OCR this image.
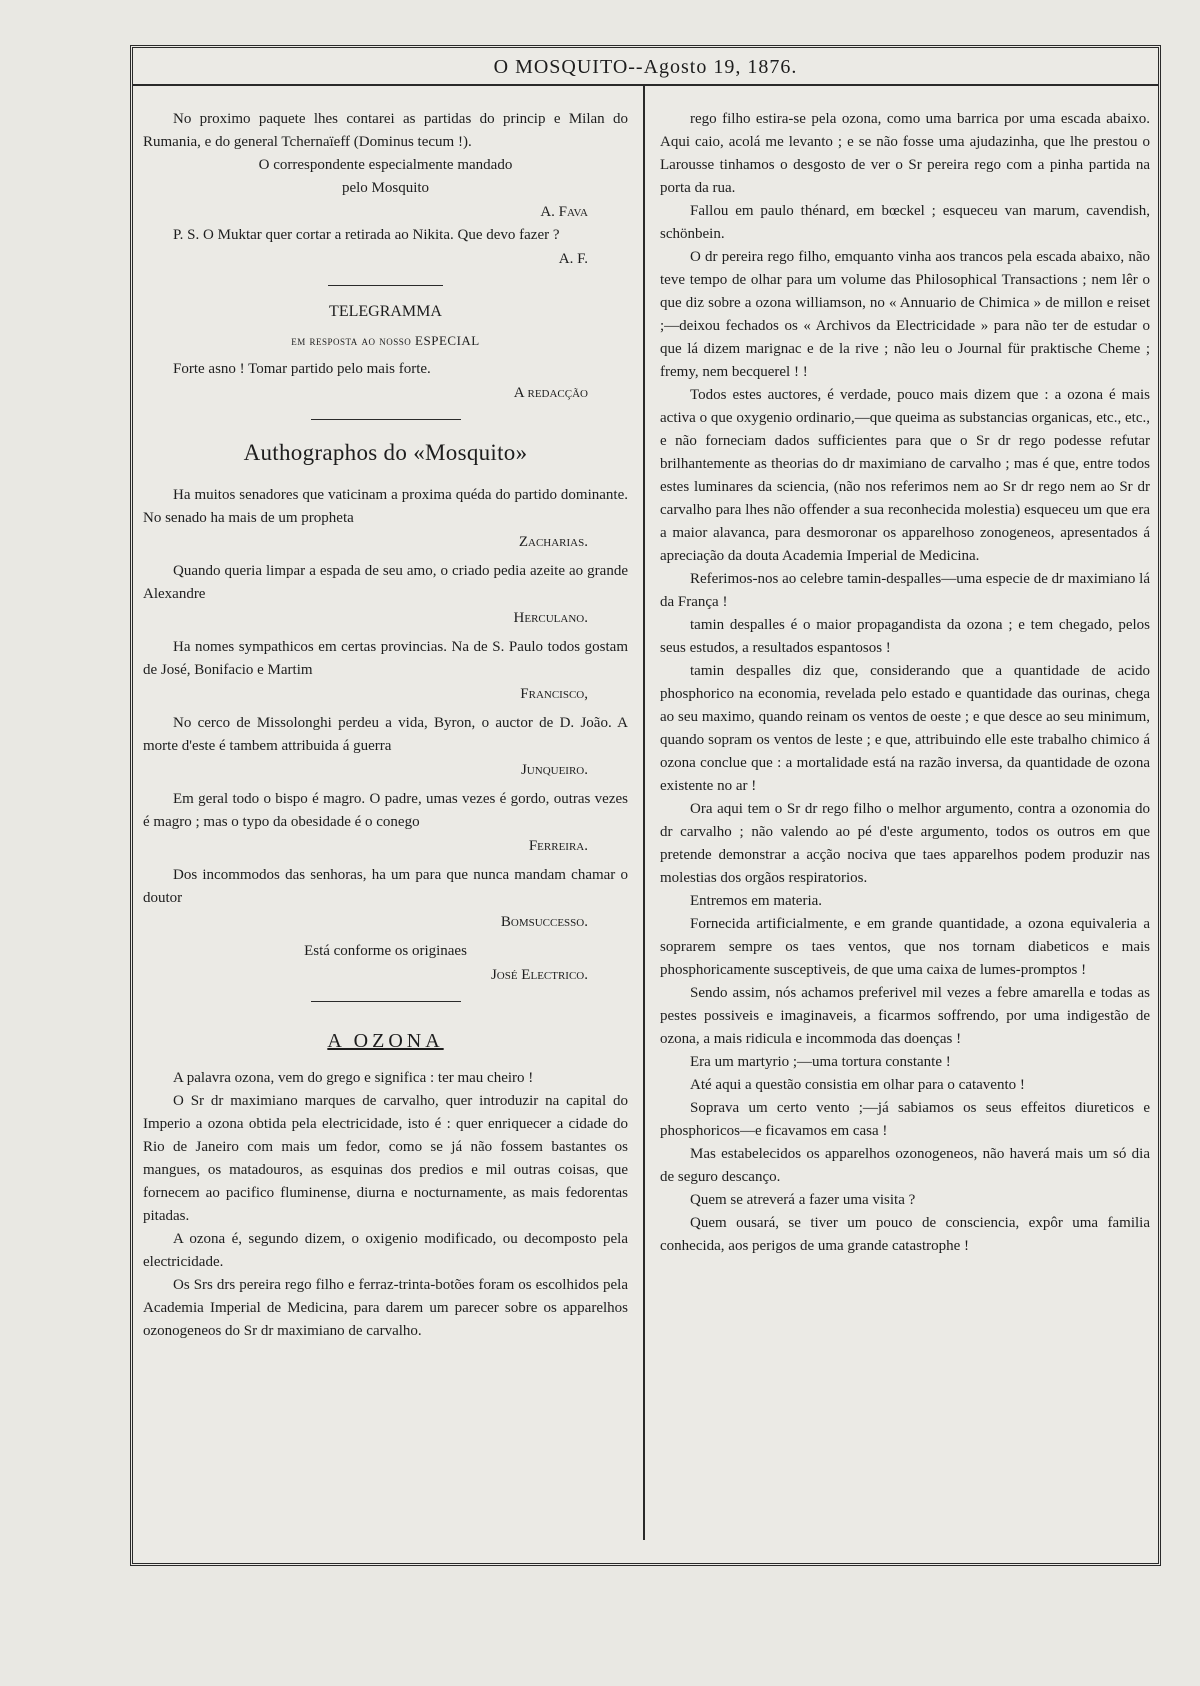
O MOSQUITO--Agosto 19, 1876.

No proximo paquete lhes contarei as partidas do princip e Milan do Rumania, e do general Tchernaïeff (Dominus tecum !).

O correspondente especialmente mandado

pelo Mosquito

A. Fava

P. S. O Muktar quer cortar a retirada ao Nikita. Que devo fazer ?

A. F.

TELEGRAMMA

em resposta ao nosso ESPECIAL

Forte asno ! Tomar partido pelo mais forte.

A redacção
Authographos do «Mosquito»

Ha muitos senadores que vaticinam a proxima quéda do partido dominante. No senado ha mais de um propheta

Zacharias.

Quando queria limpar a espada de seu amo, o criado pedia azeite ao grande Alexandre

Herculano.

Ha nomes sympathicos em certas provincias. Na de S. Paulo todos gostam de José, Bonifacio e Martim

Francisco,

No cerco de Missolonghi perdeu a vida, Byron, o auctor de D. João. A morte d'este é tambem attribuida á guerra

Junqueiro.

Em geral todo o bispo é magro. O padre, umas vezes é gordo, outras vezes é magro ; mas o typo da obesidade é o conego

Ferreira.

Dos incommodos das senhoras, ha um para que nunca mandam chamar o doutor

Bomsuccesso.

Está conforme os originaes

José Electrico.
A OZONA

A palavra ozona, vem do grego e significa : ter mau cheiro !

O Sr dr maximiano marques de carvalho, quer introduzir na capital do Imperio a ozona obtida pela electricidade, isto é : quer enriquecer a cidade do Rio de Janeiro com mais um fedor, como se já não fossem bastantes os mangues, os matadouros, as esquinas dos predios e mil outras coisas, que fornecem ao pacifico fluminense, diurna e nocturnamente, as mais fedorentas pitadas.

A ozona é, segundo dizem, o oxigenio modificado, ou decomposto pela electricidade.

Os Srs drs pereira rego filho e ferraz-trinta-botões foram os escolhidos pela Academia Imperial de Medicina, para darem um parecer sobre os apparelhos ozonogeneos do Sr dr maximiano de carvalho.

rego filho estira-se pela ozona, como uma barrica por uma escada abaixo. Aqui caio, acolá me levanto ; e se não fosse uma ajudazinha, que lhe prestou o Larousse tinhamos o desgosto de ver o Sr pereira rego com a pinha partida na porta da rua.

Fallou em paulo thénard, em bœckel ; esqueceu van marum, cavendish, schönbein.

O dr pereira rego filho, emquanto vinha aos trancos pela escada abaixo, não teve tempo de olhar para um volume das Philosophical Transactions ; nem lêr o que diz sobre a ozona williamson, no « Annuario de Chimica » de millon e reiset ;—deixou fechados os « Archivos da Electricidade » para não ter de estudar o que lá dizem marignac e de la rive ; não leu o Journal für praktische Cheme ; fremy, nem becquerel ! !

Todos estes auctores, é verdade, pouco mais dizem que : a ozona é mais activa o que oxygenio ordinario,—que queima as substancias organicas, etc., etc., e não forneciam dados sufficientes para que o Sr dr rego podesse refutar brilhantemente as theorias do dr maximiano de carvalho ; mas é que, entre todos estes luminares da sciencia, (não nos referimos nem ao Sr dr rego nem ao Sr dr carvalho para lhes não offender a sua reconhecida molestia) esqueceu um que era a maior alavanca, para desmoronar os apparelhoso zonogeneos, apresentados á apreciação da douta Academia Imperial de Medicina.

Referimos-nos ao celebre tamin-despalles—uma especie de dr maximiano lá da França !

tamin despalles é o maior propagandista da ozona ; e tem chegado, pelos seus estudos, a resultados espantosos !

tamin despalles diz que, considerando que a quantidade de acido phosphorico na economia, revelada pelo estado e quantidade das ourinas, chega ao seu maximo, quando reinam os ventos de oeste ; e que desce ao seu minimum, quando sopram os ventos de leste ; e que, attribuindo elle este trabalho chimico á ozona conclue que : a mortalidade está na razão inversa, da quantidade de ozona existente no ar !

Ora aqui tem o Sr dr rego filho o melhor argumento, contra a ozonomia do dr carvalho ; não valendo ao pé d'este argumento, todos os outros em que pretende demonstrar a acção nociva que taes apparelhos podem produzir nas molestias dos orgãos respiratorios.

Entremos em materia.

Fornecida artificialmente, e em grande quantidade, a ozona equivaleria a soprarem sempre os taes ventos, que nos tornam diabeticos e mais phosphoricamente susceptiveis, de que uma caixa de lumes-promptos !

Sendo assim, nós achamos preferivel mil vezes a febre amarella e todas as pestes possiveis e imaginaveis, a ficarmos soffrendo, por uma indigestão de ozona, a mais ridicula e incommoda das doenças !

Era um martyrio ;—uma tortura constante !

Até aqui a questão consistia em olhar para o catavento !

Soprava um certo vento ;—já sabiamos os seus effeitos diureticos e phosphoricos—e ficavamos em casa !

Mas estabelecidos os apparelhos ozonogeneos, não haverá mais um só dia de seguro descanço.

Quem se atreverá a fazer uma visita ?

Quem ousará, se tiver um pouco de consciencia, expôr uma familia conhecida, aos perigos de uma grande catastrophe !
